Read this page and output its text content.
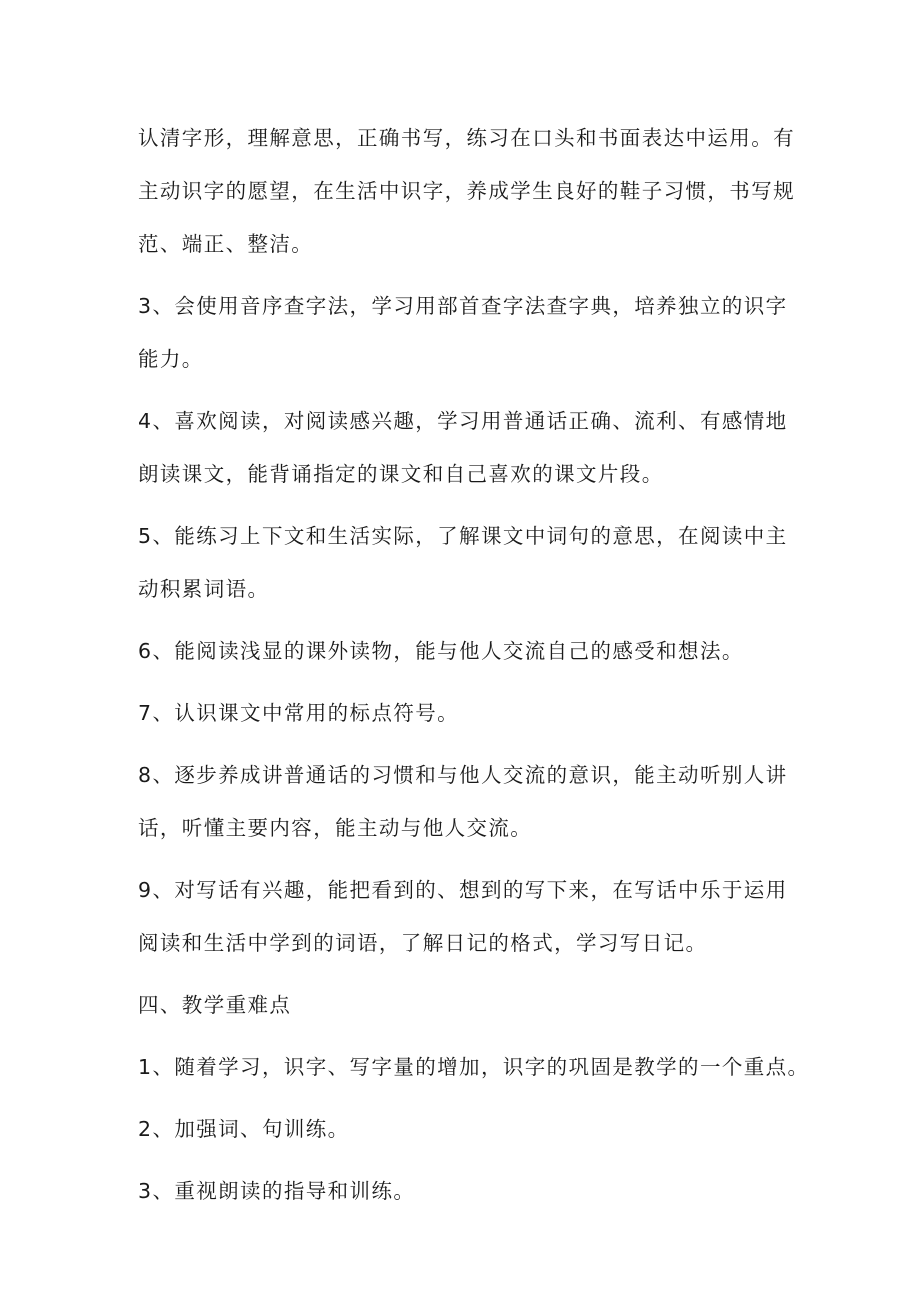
认清字形，理解意思，正确书写，练习在口头和书面表达中运用。有
主动识字的愿望，在生活中识字，养成学生良好的鞋子习惯，书写规
范、端正、整洁。

3、会使用音序查字法，学习用部首查字法查字典，培养独立的识字
能力。

4、喜欢阅读，对阅读感兴趣，学习用普通话正确、流利、有感情地
朗读课文，能背诵指定的课文和自己喜欢的课文片段。

5、能练习上下文和生活实际，了解课文中词句的意思，在阅读中主
动积累词语。

6、能阅读浅显的课外读物，能与他人交流自己的感受和想法。

7、认识课文中常用的标点符号。

8、逐步养成讲普通话的习惯和与他人交流的意识，能主动听别人讲
话，听懂主要内容，能主动与他人交流。

9、对写话有兴趣，能把看到的、想到的写下来，在写话中乐于运用
阅读和生活中学到的词语，了解日记的格式，学习写日记。

四、教学重难点

1、随着学习，识字、写字量的增加，识字的巩固是教学的一个重点。

2、加强词、句训练。

3、重视朗读的指导和训练。
